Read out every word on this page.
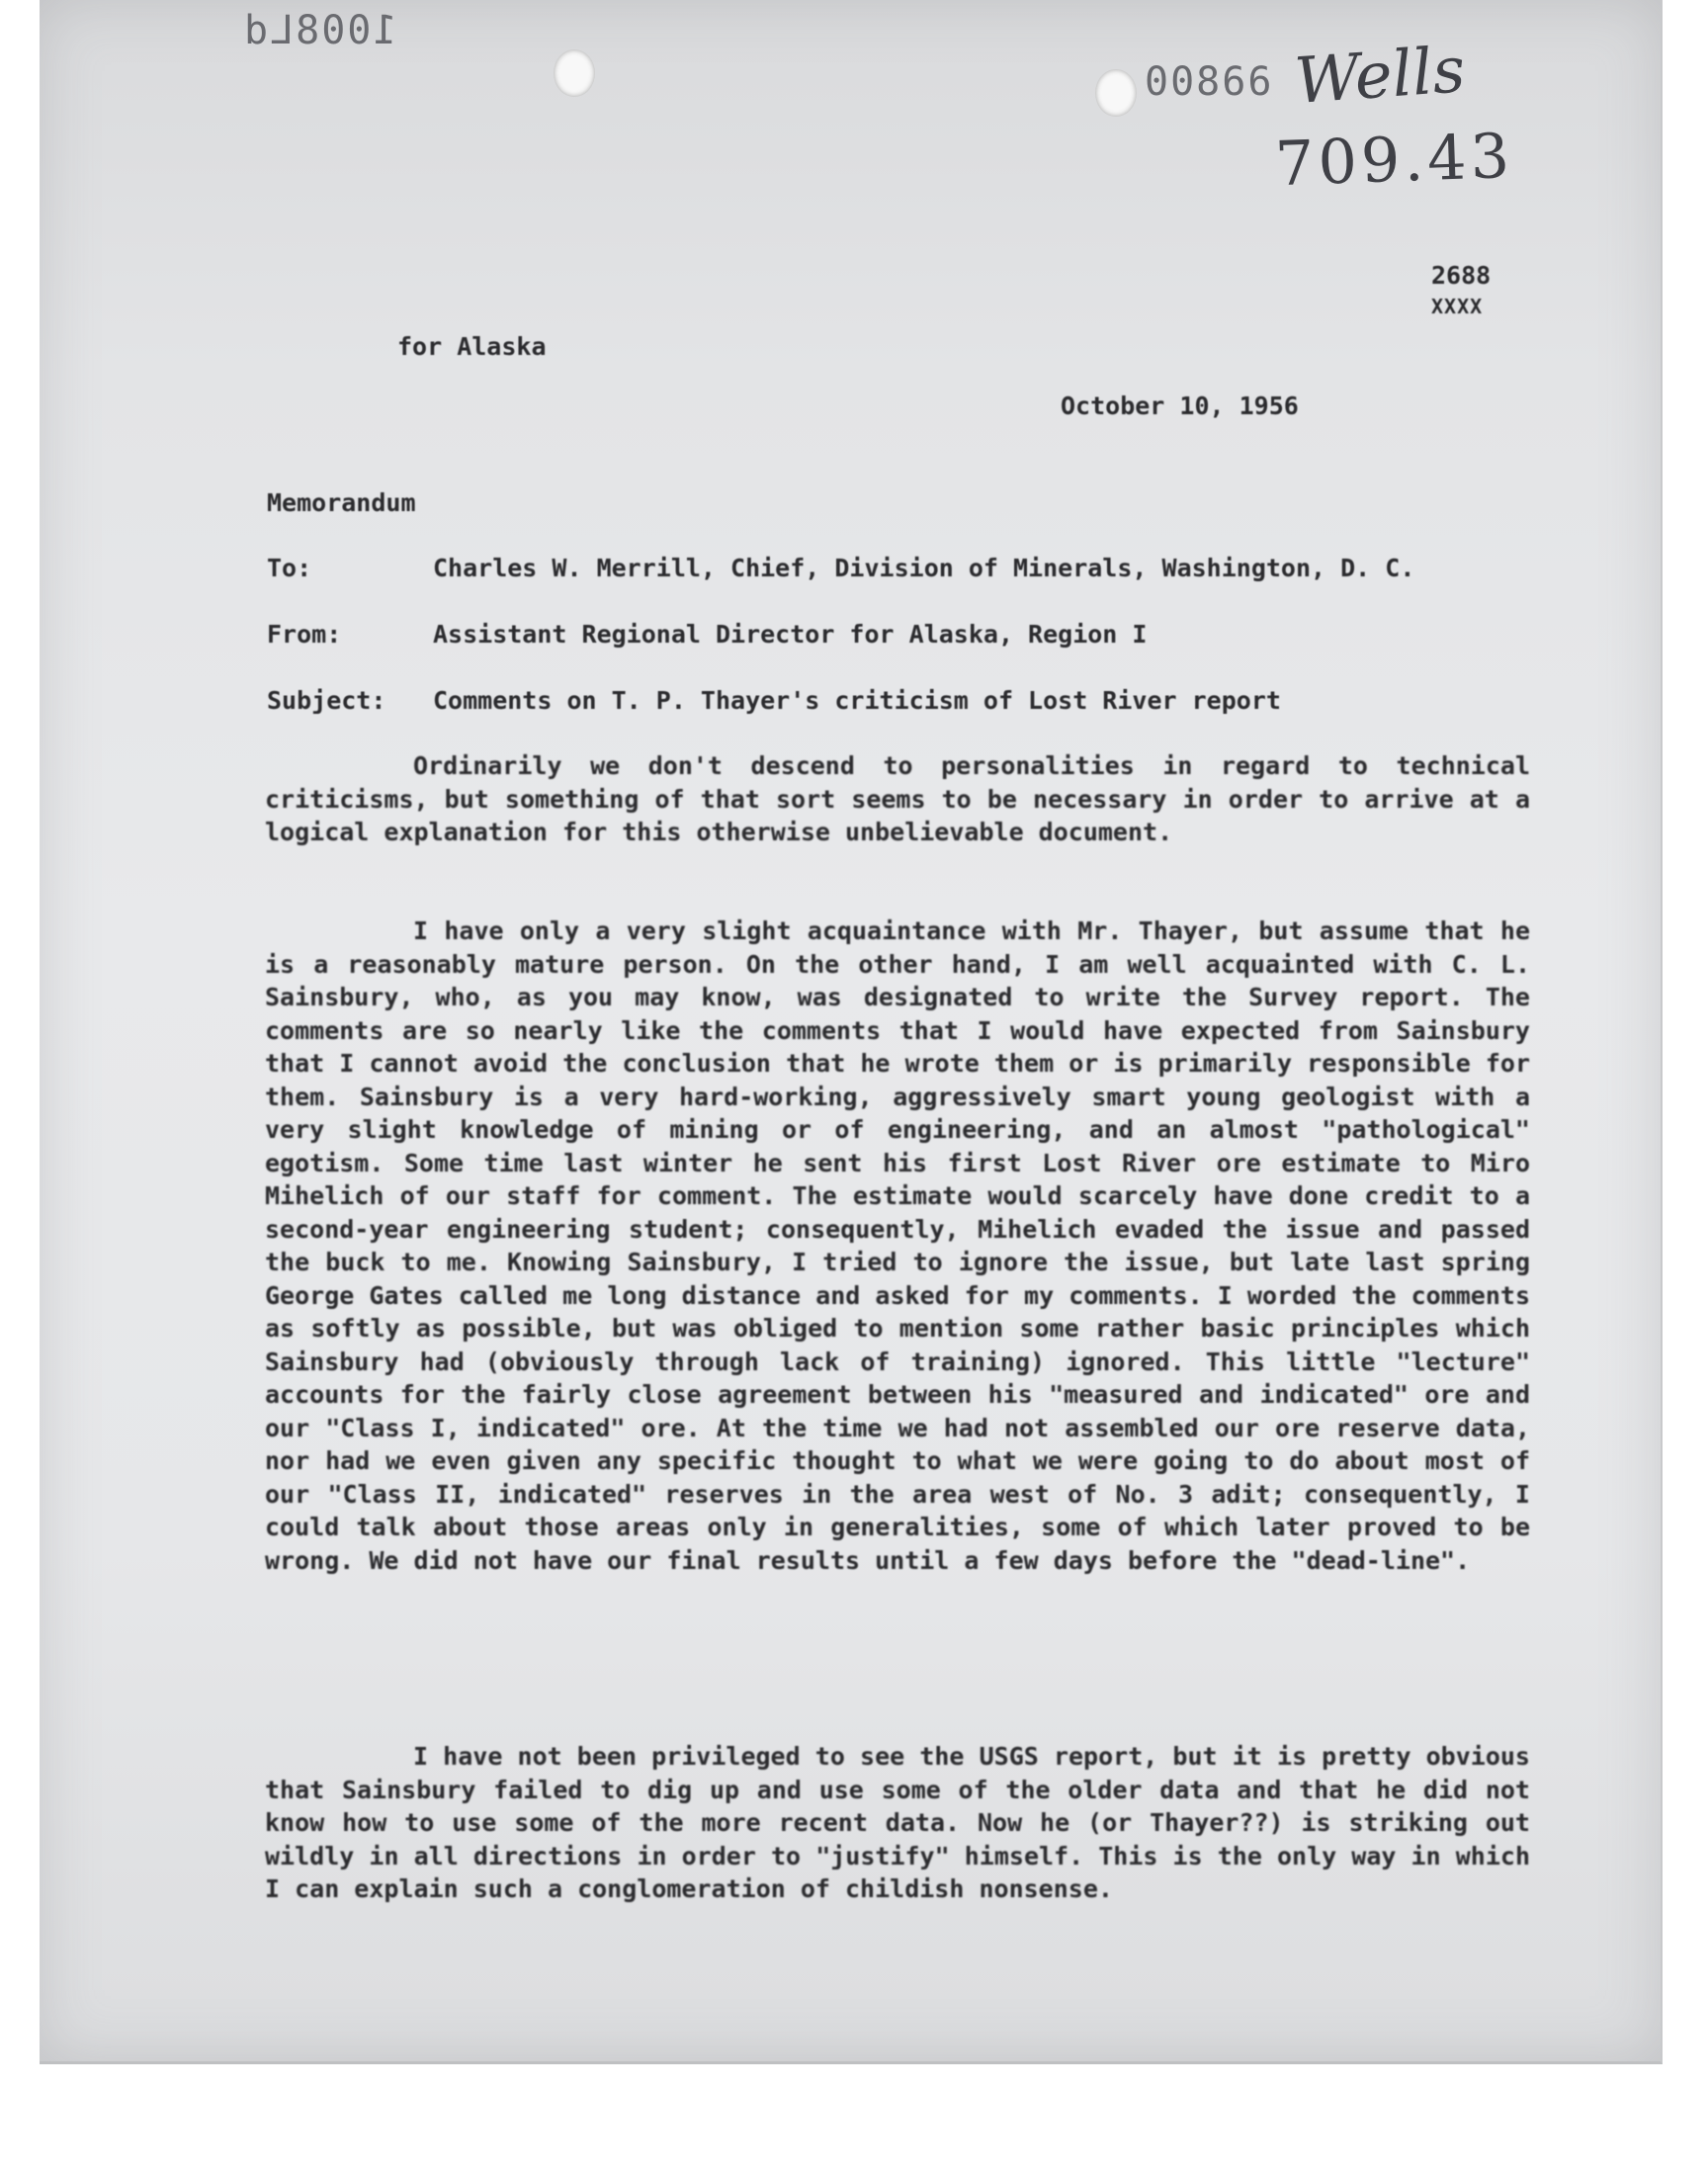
1008Ld
00866 Wells
709.43
2688
XXXX
for Alaska
October 10, 1956
Memorandum
To:	Charles W. Merrill, Chief, Division of Minerals, Washington, D. C.
From:	Assistant Regional Director for Alaska, Region I
Subject: Comments on T. P. Thayer's criticism of Lost River report
Ordinarily we don't descend to personalities in regard to technical criticisms, but something of that sort seems to be necessary in order to arrive at a logical explanation for this otherwise unbelievable document.
I have only a very slight acquaintance with Mr. Thayer, but assume that he is a reasonably mature person. On the other hand, I am well acquainted with C. L. Sainsbury, who, as you may know, was designated to write the Survey report. The comments are so nearly like the comments that I would have expected from Sainsbury that I cannot avoid the conclusion that he wrote them or is primarily responsible for them. Sainsbury is a very hard-working, aggressively smart young geologist with a very slight knowledge of mining or of engineering, and an almost "pathological" egotism. Some time last winter he sent his first Lost River ore estimate to Miro Mihelich of our staff for comment. The estimate would scarcely have done credit to a second-year engineering student; consequently, Mihelich evaded the issue and passed the buck to me. Knowing Sainsbury, I tried to ignore the issue, but late last spring George Gates called me long distance and asked for my comments. I worded the comments as softly as possible, but was obliged to mention some rather basic principles which Sainsbury had (obviously through lack of training) ignored. This little "lecture" accounts for the fairly close agreement between his "measured and indicated" ore and our "Class I, indicated" ore. At the time we had not assembled our ore reserve data, nor had we even given any specific thought to what we were going to do about most of our "Class II, indicated" reserves in the area west of No. 3 adit; consequently, I could talk about those areas only in generalities, some of which later proved to be wrong. We did not have our final results until a few days before the "dead-line".
I have not been privileged to see the USGS report, but it is pretty obvious that Sainsbury failed to dig up and use some of the older data and that he did not know how to use some of the more recent data. Now he (or Thayer??) is striking out wildly in all directions in order to "justify" himself. This is the only way in which I can explain such a conglomeration of childish nonsense.
